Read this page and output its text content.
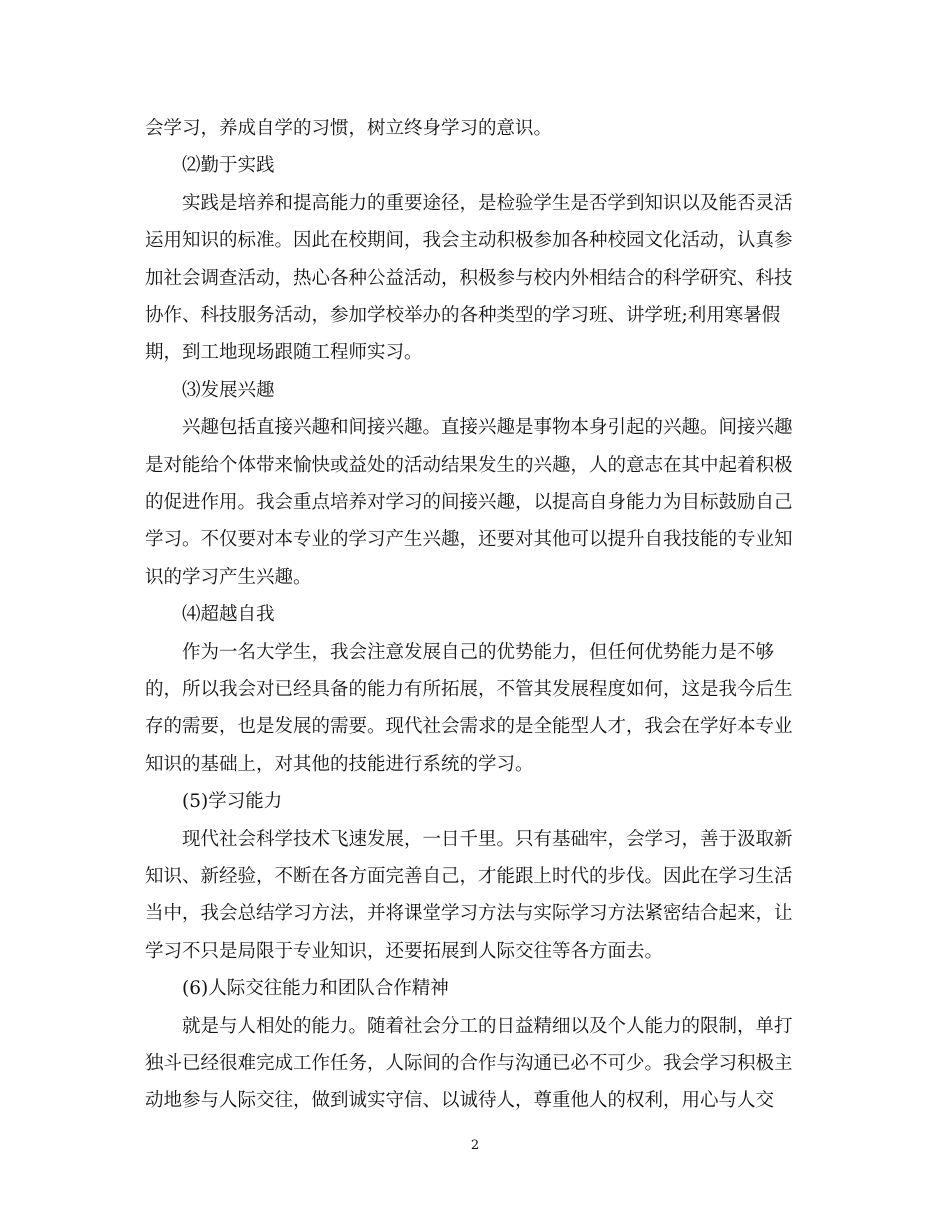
会学习，养成自学的习惯，树立终身学习的意识。
⑵勤于实践
实践是培养和提高能力的重要途径，是检验学生是否学到知识以及能否灵活
运用知识的标准。因此在校期间，我会主动积极参加各种校园文化活动，认真参
加社会调查活动，热心各种公益活动，积极参与校内外相结合的科学研究、科技
协作、科技服务活动，参加学校举办的各种类型的学习班、讲学班;利用寒暑假
期，到工地现场跟随工程师实习。
⑶发展兴趣
兴趣包括直接兴趣和间接兴趣。直接兴趣是事物本身引起的兴趣。间接兴趣
是对能给个体带来愉快或益处的活动结果发生的兴趣，人的意志在其中起着积极
的促进作用。我会重点培养对学习的间接兴趣，以提高自身能力为目标鼓励自己
学习。不仅要对本专业的学习产生兴趣，还要对其他可以提升自我技能的专业知
识的学习产生兴趣。
⑷超越自我
作为一名大学生，我会注意发展自己的优势能力，但任何优势能力是不够
的，所以我会对已经具备的能力有所拓展，不管其发展程度如何，这是我今后生
存的需要，也是发展的需要。现代社会需求的是全能型人才，我会在学好本专业
知识的基础上，对其他的技能进行系统的学习。
(5)学习能力
现代社会科学技术飞速发展，一日千里。只有基础牢，会学习，善于汲取新
知识、新经验，不断在各方面完善自己，才能跟上时代的步伐。因此在学习生活
当中，我会总结学习方法，并将课堂学习方法与实际学习方法紧密结合起来，让
学习不只是局限于专业知识，还要拓展到人际交往等各方面去。
(6)人际交往能力和团队合作精神
就是与人相处的能力。随着社会分工的日益精细以及个人能力的限制，单打
独斗已经很难完成工作任务，人际间的合作与沟通已必不可少。我会学习积极主
动地参与人际交往，做到诚实守信、以诚待人，尊重他人的权利，用心与人交
2
